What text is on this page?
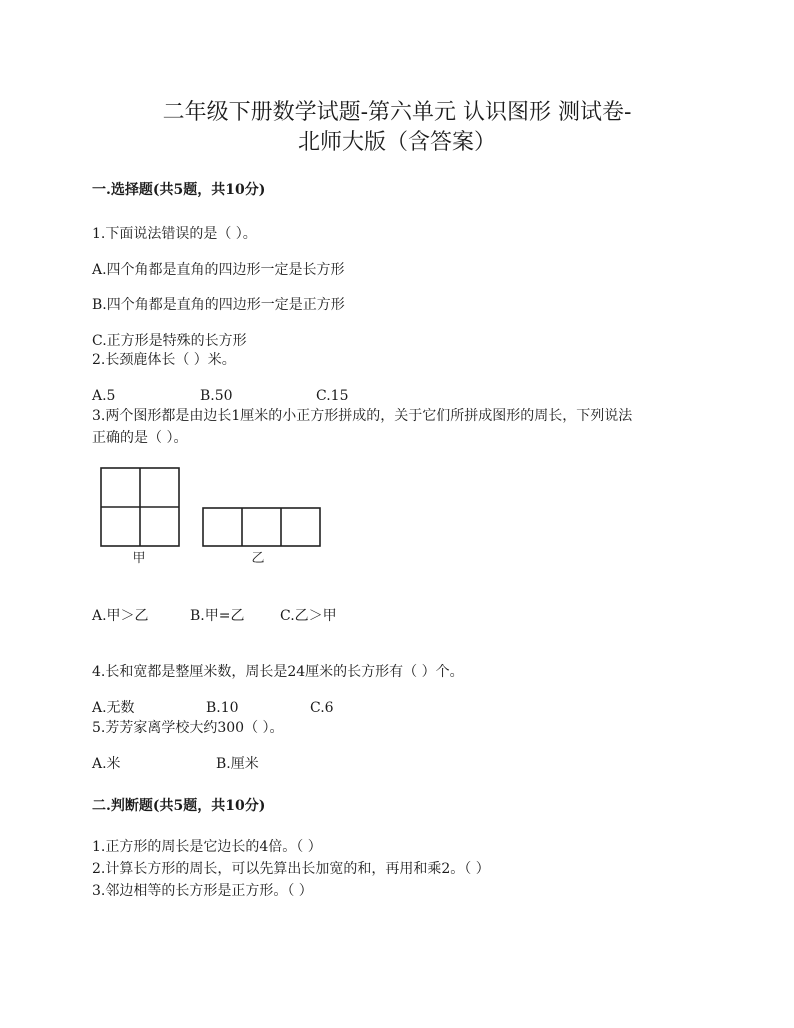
二年级下册数学试题-第六单元 认识图形 测试卷-
北师大版（含答案）
一.选择题(共5题，共10分)
1.下面说法错误的是（ ）。
A.四个角都是直角的四边形一定是长方形
B.四个角都是直角的四边形一定是正方形
C.正方形是特殊的长方形
2.长颈鹿体长（ ）米。
A.5	B.50	C.15
3.两个图形都是由边长1厘米的小正方形拼成的，关于它们所拼成图形的周长，下列说法
正确的是（ ）。
甲	乙
A.甲＞乙	B.甲=乙	C.乙＞甲
4.长和宽都是整厘米数，周长是24厘米的长方形有（ ）个。
A.无数	B.10	C.6
5.芳芳家离学校大约300（ ）。
A.米	B.厘米
二.判断题(共5题，共10分)
1.正方形的周长是它边长的4倍。（ ）
2.计算长方形的周长，可以先算出长加宽的和，再用和乘2。（ ）
3.邻边相等的长方形是正方形。（ ）
